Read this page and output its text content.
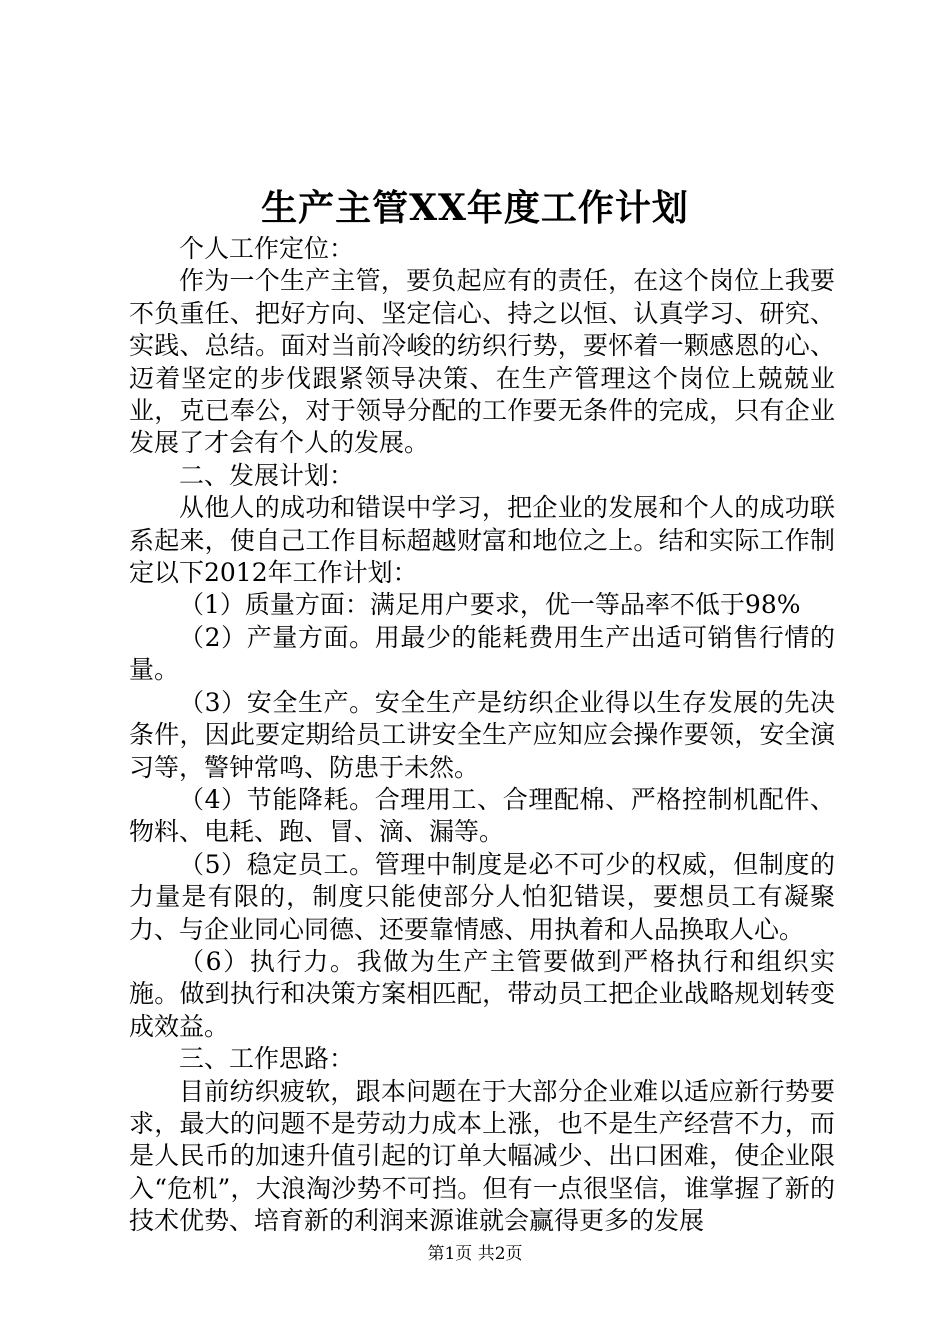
生产主管XX年度工作计划

个人工作定位：

作为一个生产主管，要负起应有的责任，在这个岗位上我要不负重任、把好方向、坚定信心、持之以恒、认真学习、研究、实践、总结。面对当前冷峻的纺织行势，要怀着一颗感恩的心、迈着坚定的步伐跟紧领导决策、在生产管理这个岗位上兢兢业业，克已奉公，对于领导分配的工作要无条件的完成，只有企业发展了才会有个人的发展。

二、发展计划：

从他人的成功和错误中学习，把企业的发展和个人的成功联系起来，使自己工作目标超越财富和地位之上。结和实际工作制定以下2012年工作计划：

（1）质量方面：满足用户要求，优一等品率不低于98%

（2）产量方面。用最少的能耗费用生产出适可销售行情的量。

（3）安全生产。安全生产是纺织企业得以生存发展的先决条件，因此要定期给员工讲安全生产应知应会操作要领，安全演习等，警钟常鸣、防患于未然。

（4）节能降耗。合理用工、合理配棉、严格控制机配件、物料、电耗、跑、冒、滴、漏等。

（5）稳定员工。管理中制度是必不可少的权威，但制度的力量是有限的，制度只能使部分人怕犯错误，要想员工有凝聚力、与企业同心同德、还要靠情感、用执着和人品换取人心。

（6）执行力。我做为生产主管要做到严格执行和组织实施。做到执行和决策方案相匹配，带动员工把企业战略规划转变成效益。

三、工作思路：

目前纺织疲软，跟本问题在于大部分企业难以适应新行势要求，最大的问题不是劳动力成本上涨，也不是生产经营不力，而是人民币的加速升值引起的订单大幅减少、出口困难，使企业限入“危机”，大浪淘沙势不可挡。但有一点很坚信，谁掌握了新的技术优势、培育新的利润来源谁就会赢得更多的发展

第1页 共2页
